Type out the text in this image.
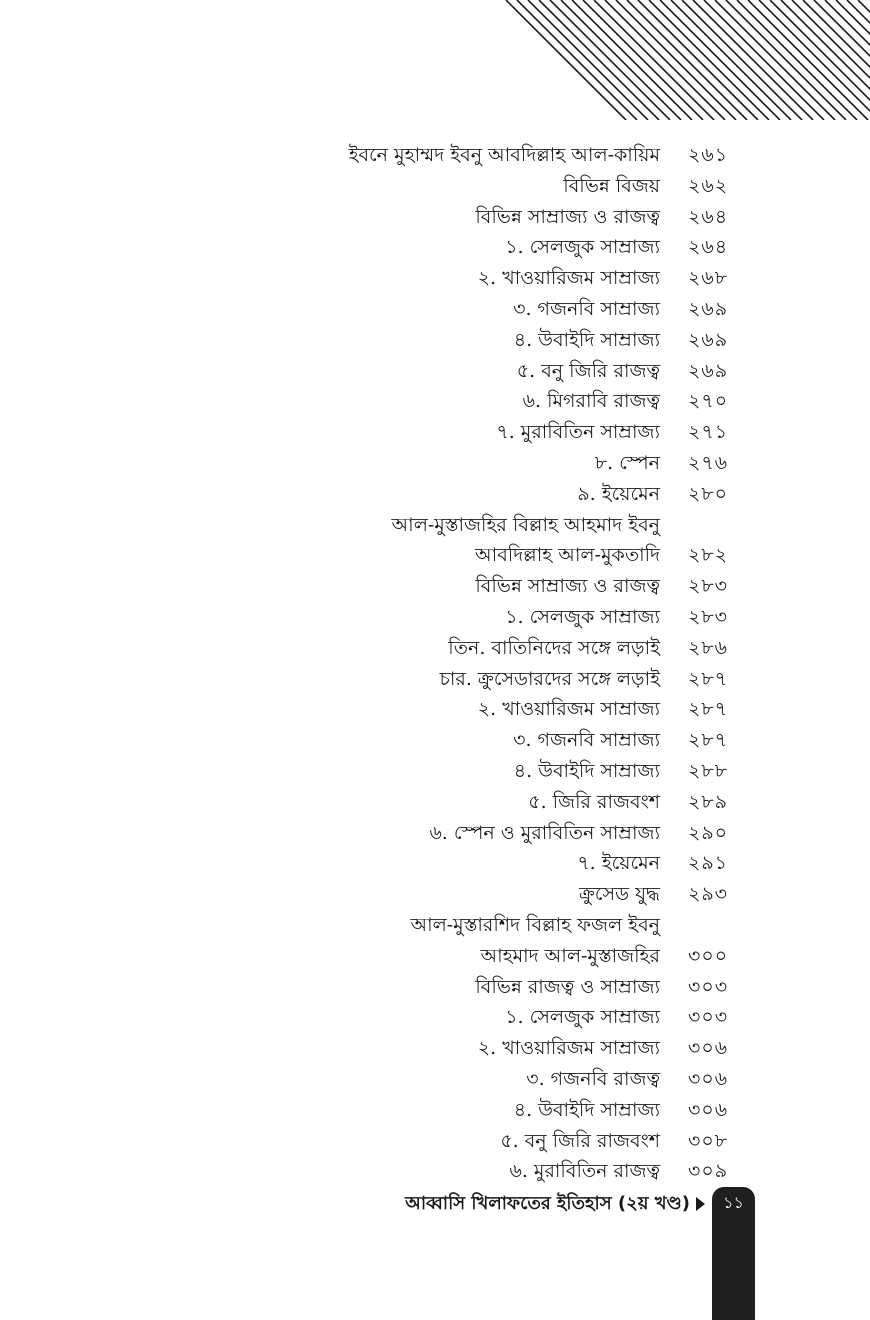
ইবনে মুহাম্মদ ইবনু আবদিল্লাহ আল-কায়িম ২৬১
বিভিন্ন বিজয় ২৬২
বিভিন্ন সাম্রাজ্য ও রাজত্ব ২৬৪
১. সেলজুক সাম্রাজ্য ২৬৪
২. খাওয়ারিজম সাম্রাজ্য ২৬৮
৩. গজনবি সাম্রাজ্য ২৬৯
৪. উবাইদি সাম্রাজ্য ২৬৯
৫. বনু জিরি রাজত্ব ২৬৯
৬. মিগরাবি রাজত্ব ২৭০
৭. মুরাবিতিন সাম্রাজ্য ২৭১
৮. স্পেন ২৭৬
৯. ইয়েমেন ২৮০
আল-মুস্তাজহির বিল্লাহ আহমাদ ইবনু
আবদিল্লাহ আল-মুকতাদি ২৮২
বিভিন্ন সাম্রাজ্য ও রাজত্ব ২৮৩
১. সেলজুক সাম্রাজ্য ২৮৩
তিন. বাতিনিদের সঙ্গে লড়াই ২৮৬
চার. ক্রুসেডারদের সঙ্গে লড়াই ২৮৭
২. খাওয়ারিজম সাম্রাজ্য ২৮৭
৩. গজনবি সাম্রাজ্য ২৮৭
৪. উবাইদি সাম্রাজ্য ২৮৮
৫. জিরি রাজবংশ ২৮৯
৬. স্পেন ও মুরাবিতিন সাম্রাজ্য ২৯০
৭. ইয়েমেন ২৯১
ক্রুসেড যুদ্ধ ২৯৩
আল-মুস্তারশিদ বিল্লাহ ফজল ইবনু
আহমাদ আল-মুস্তাজহির ৩০০
বিভিন্ন রাজত্ব ও সাম্রাজ্য ৩০৩
১. সেলজুক সাম্রাজ্য ৩০৩
২. খাওয়ারিজম সাম্রাজ্য ৩০৬
৩. গজনবি রাজত্ব ৩০৬
৪. উবাইদি সাম্রাজ্য ৩০৬
৫. বনু জিরি রাজবংশ ৩০৮
৬. মুরাবিতিন রাজত্ব ৩০৯
আব্বাসি খিলাফতের ইতিহাস (২য় খণ্ড)	১১
